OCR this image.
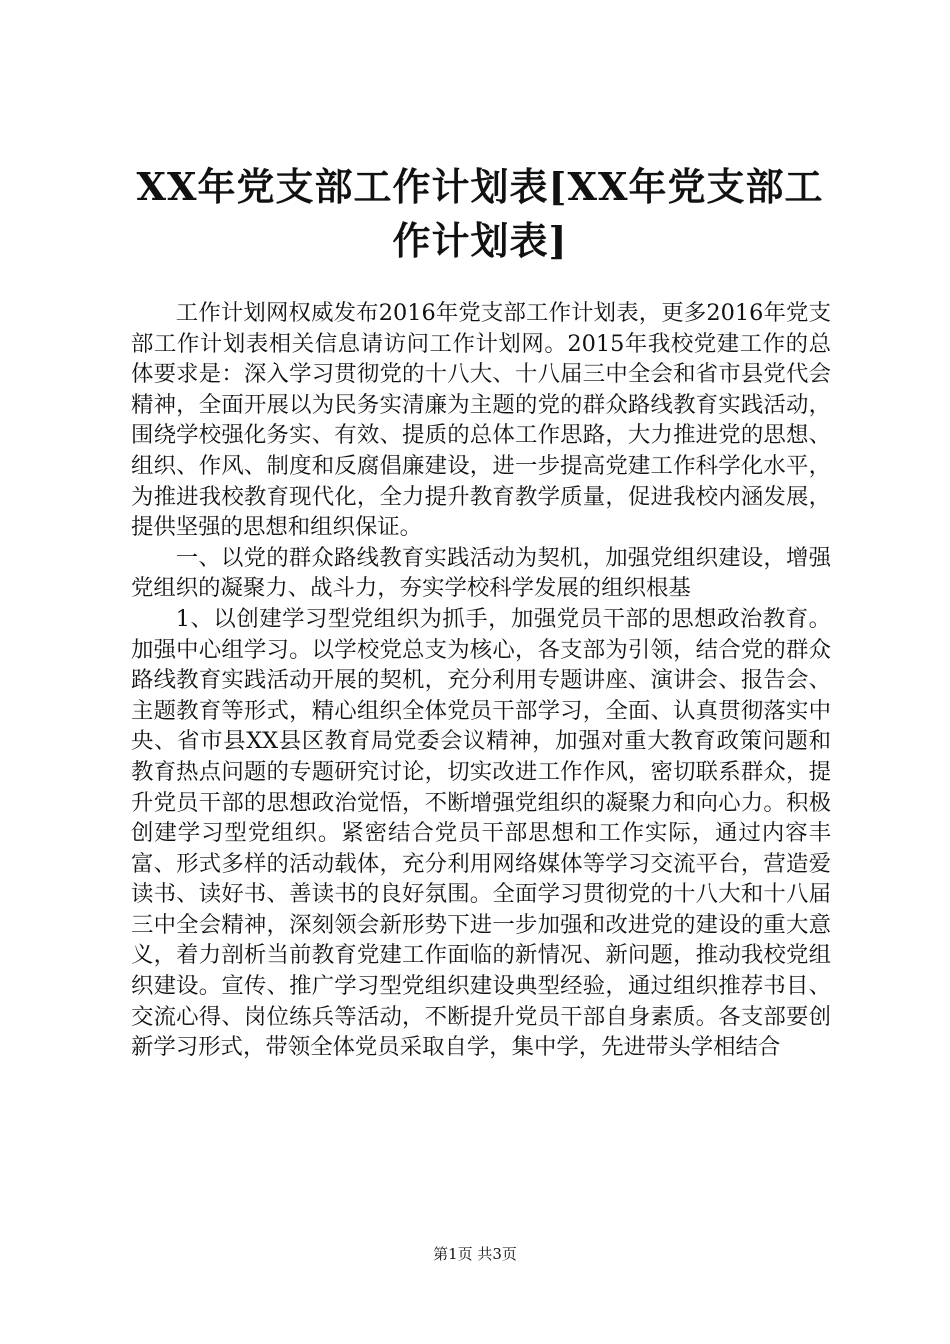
XX年党支部工作计划表[XX年党支部工作计划表]

工作计划网权威发布2016年党支部工作计划表，更多2016年党支部工作计划表相关信息请访问工作计划网。2015年我校党建工作的总体要求是：深入学习贯彻党的十八大、十八届三中全会和省市县党代会精神，全面开展以为民务实清廉为主题的党的群众路线教育实践活动，围绕学校强化务实、有效、提质的总体工作思路，大力推进党的思想、组织、作风、制度和反腐倡廉建设，进一步提高党建工作科学化水平，为推进我校教育现代化，全力提升教育教学质量，促进我校内涵发展，提供坚强的思想和组织保证。

一、以党的群众路线教育实践活动为契机，加强党组织建设，增强党组织的凝聚力、战斗力，夯实学校科学发展的组织根基

1、以创建学习型党组织为抓手，加强党员干部的思想政治教育。加强中心组学习。以学校党总支为核心，各支部为引领，结合党的群众路线教育实践活动开展的契机，充分利用专题讲座、演讲会、报告会、主题教育等形式，精心组织全体党员干部学习，全面、认真贯彻落实中央、省市县XX县区教育局党委会议精神，加强对重大教育政策问题和教育热点问题的专题研究讨论，切实改进工作作风，密切联系群众，提升党员干部的思想政治觉悟，不断增强党组织的凝聚力和向心力。积极创建学习型党组织。紧密结合党员干部思想和工作实际，通过内容丰富、形式多样的活动载体，充分利用网络媒体等学习交流平台，营造爱读书、读好书、善读书的良好氛围。全面学习贯彻党的十八大和十八届三中全会精神，深刻领会新形势下进一步加强和改进党的建设的重大意义，着力剖析当前教育党建工作面临的新情况、新问题，推动我校党组织建设。宣传、推广学习型党组织建设典型经验，通过组织推荐书目、交流心得、岗位练兵等活动，不断提升党员干部自身素质。各支部要创新学习形式，带领全体党员采取自学，集中学，先进带头学相结合

第1页 共3页
